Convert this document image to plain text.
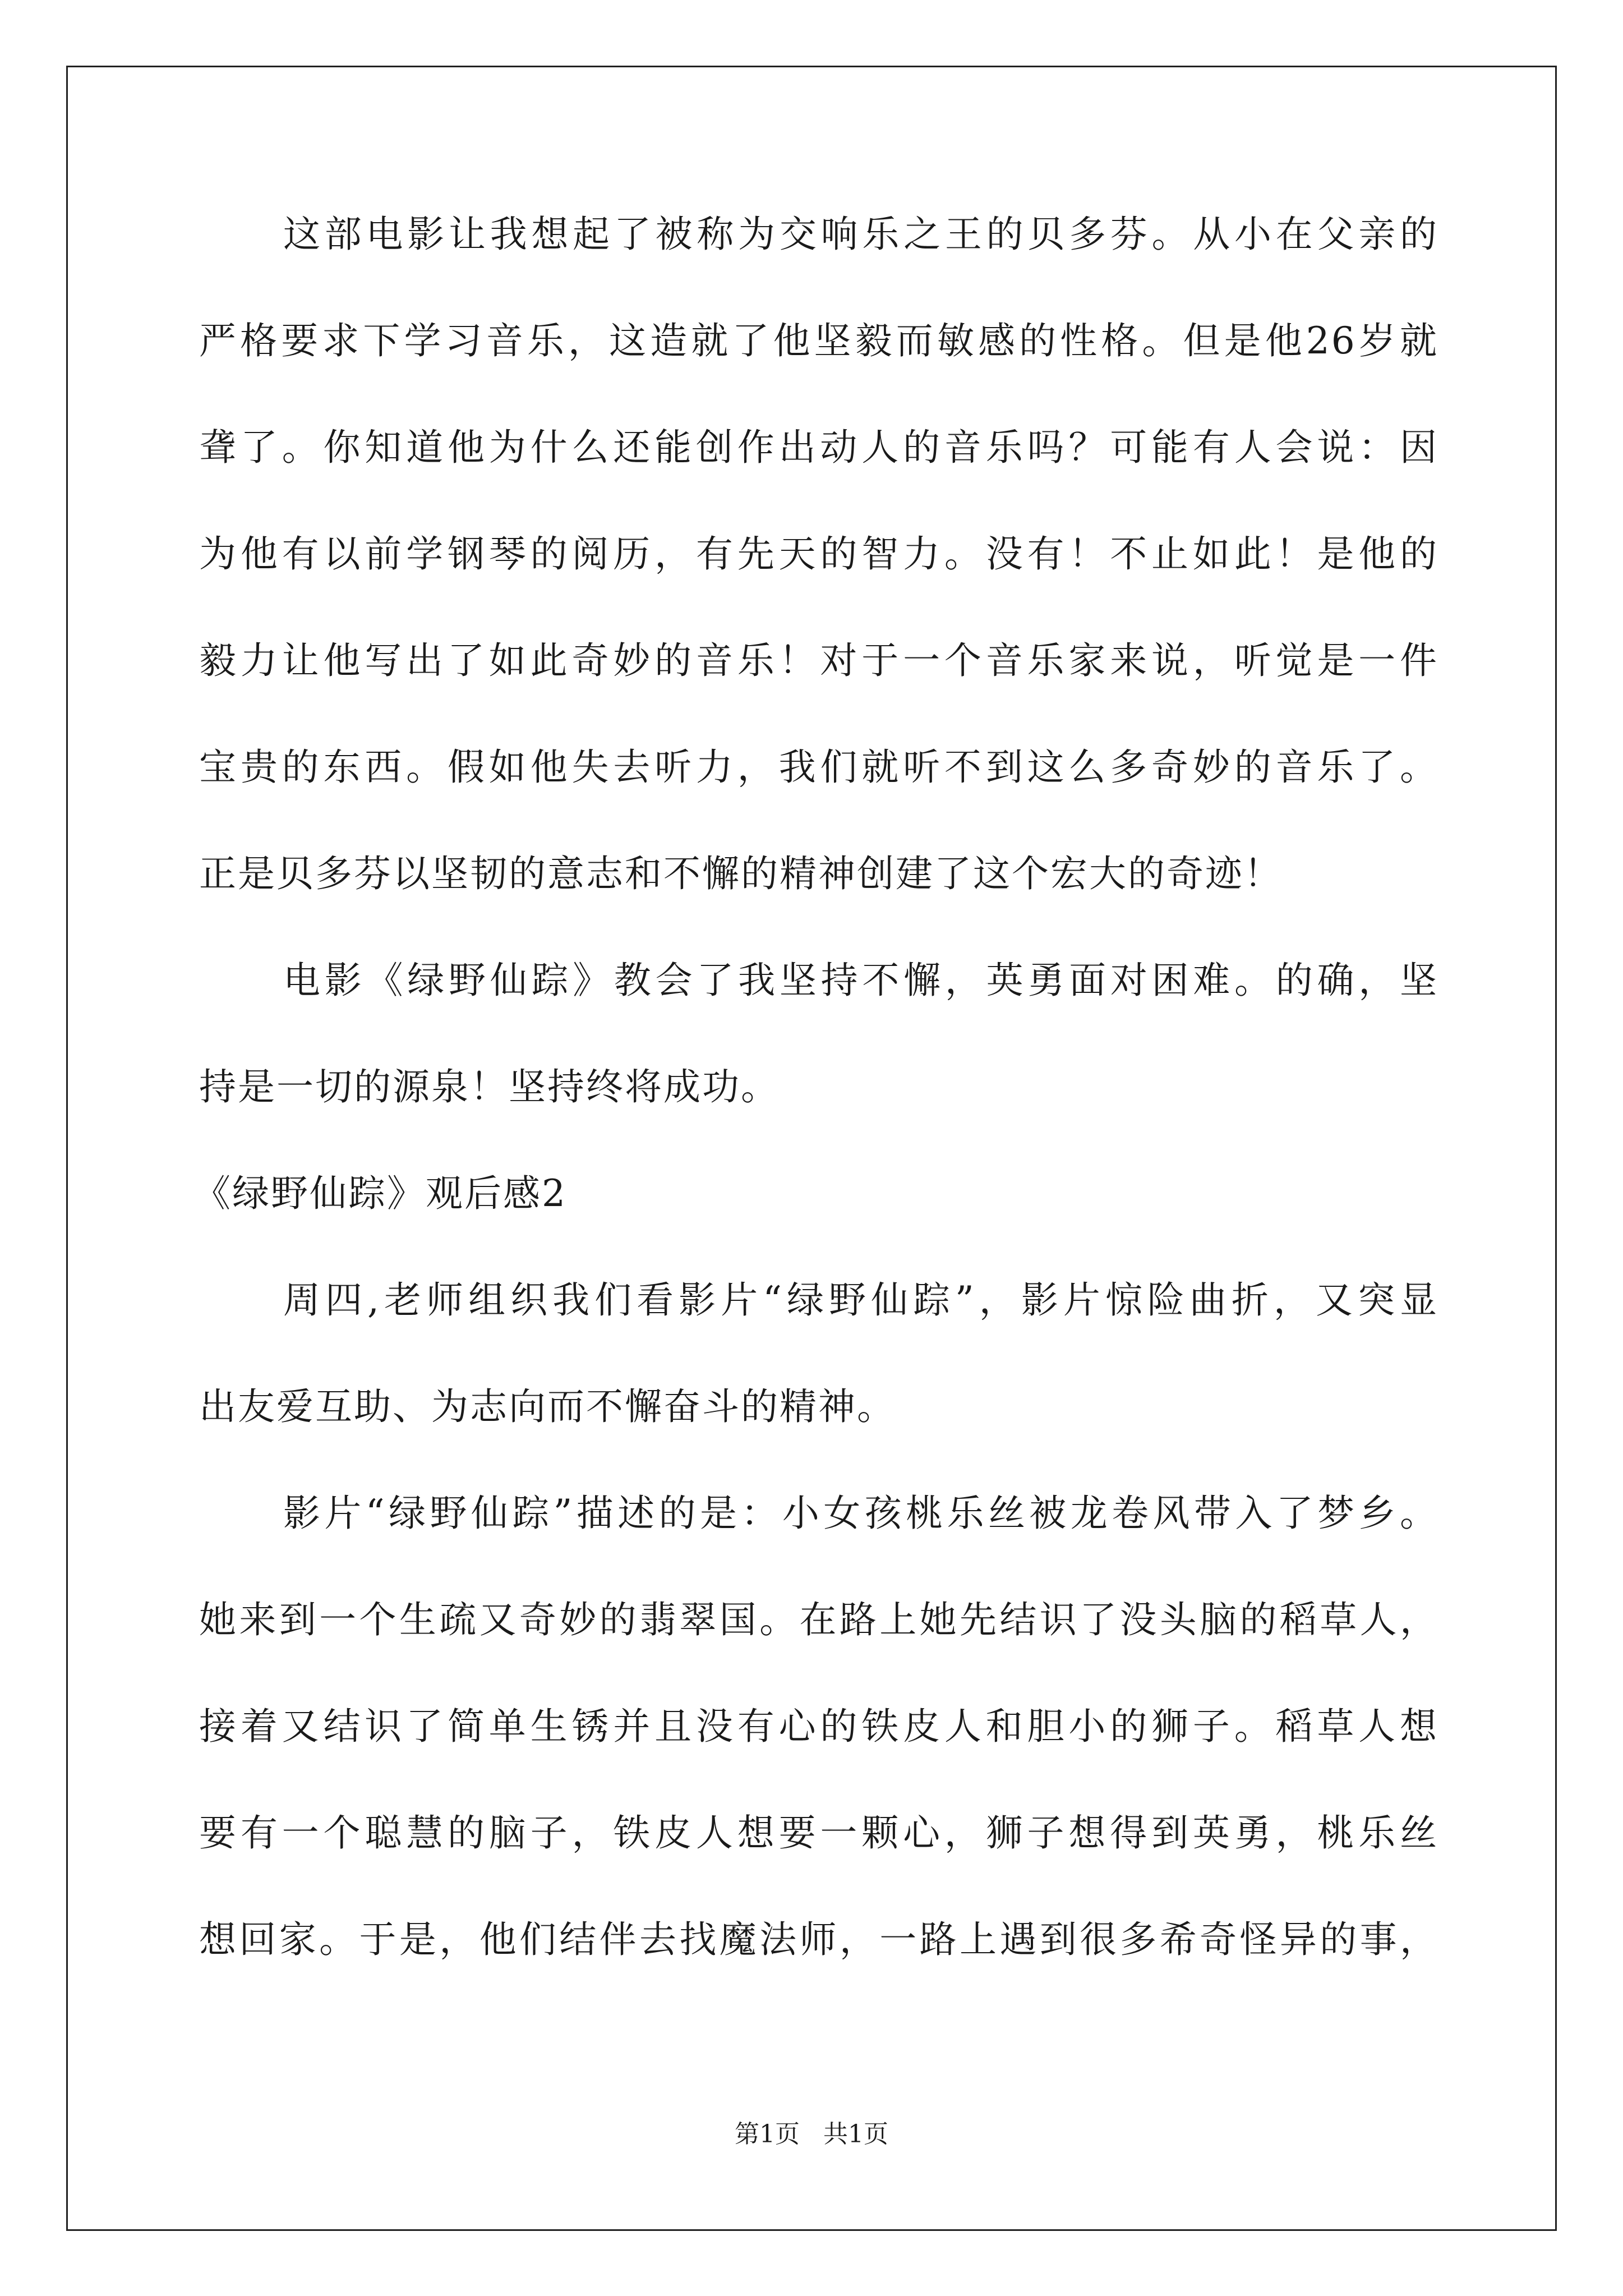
这部电影让我想起了被称为交响乐之王的贝多芬。从小在父亲的
严格要求下学习音乐，这造就了他坚毅而敏感的性格。但是他26岁就
聋了。你知道他为什么还能创作出动人的音乐吗？可能有人会说：因
为他有以前学钢琴的阅历，有先天的智力。没有！不止如此！是他的
毅力让他写出了如此奇妙的音乐！对于一个音乐家来说，听觉是一件
宝贵的东西。假如他失去听力，我们就听不到这么多奇妙的音乐了。
正是贝多芬以坚韧的意志和不懈的精神创建了这个宏大的奇迹！
电影《绿野仙踪》教会了我坚持不懈，英勇面对困难。的确，坚
持是一切的源泉！坚持终将成功。
《绿野仙踪》观后感2
周四,老师组织我们看影片“绿野仙踪”，影片惊险曲折，又突显
出友爱互助、为志向而不懈奋斗的精神。
影片“绿野仙踪”描述的是：小女孩桃乐丝被龙卷风带入了梦乡。
她来到一个生疏又奇妙的翡翠国。在路上她先结识了没头脑的稻草人，
接着又结识了简单生锈并且没有心的铁皮人和胆小的狮子。稻草人想
要有一个聪慧的脑子，铁皮人想要一颗心，狮子想得到英勇，桃乐丝
想回家。于是，他们结伴去找魔法师，一路上遇到很多希奇怪异的事，
第1页   共1页
